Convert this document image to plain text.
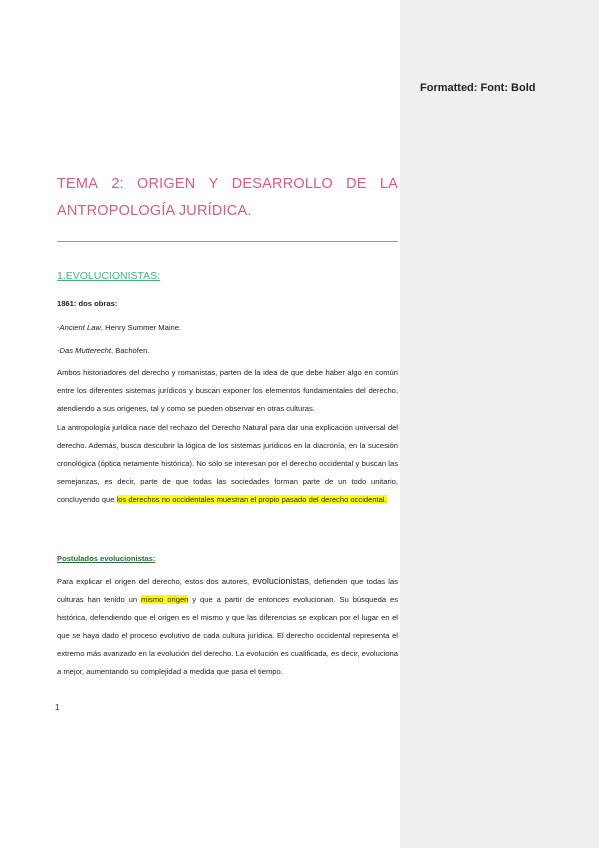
TEMA 2: ORIGEN Y DESARROLLO DE LA
ANTROPOLOGÍA JURÍDICA.
1.EVOLUCIONISTAS:
1861: dos obras:
-Ancient Law, Henry Summer Maine.
-Das Mutterecht, Bachofen.

Ambos historiadores del derecho y romanistas, parten de la idea de que debe haber algo en común entre los diferentes sistemas jurídicos y buscan exponer los elementos fundamentales del derecho, atendiendo a sus orígenes, tal y como se pueden observar en otras culturas.

La antropología jurídica nace del rechazo del Derecho Natural para dar una explicación universal del derecho. Además, busca descubrir la lógica de los sistemas jurídicos en la diacronía, en la sucesión cronológica (óptica netamente histórica). No sólo se interesan por el derecho occidental y buscan las semejanzas, es decir, parte de que todas las sociedades forman parte de un todo unitario, concluyendo que los derechos no occidentales muestran el propio pasado del derecho occidental.

Postulados evolucionistas:

Para explicar el origen del derecho, estos dos autores, evolucionistas, defienden que todas las culturas han tenido un mismo origen y que a partir de entonces evolucionan. Su búsqueda es histórica, defendiendo que el origen es el mismo y que las diferencias se explican por el lugar en el que se haya dado el proceso evolutivo de cada cultura jurídica. El derecho occidental representa el extremo más avanzado en la evolución del derecho. La evolución es cualificada, es decir, evoluciona a mejor, aumentando su complejidad a medida que pasa el tiempo.

1
Formatted: Font: Bold
